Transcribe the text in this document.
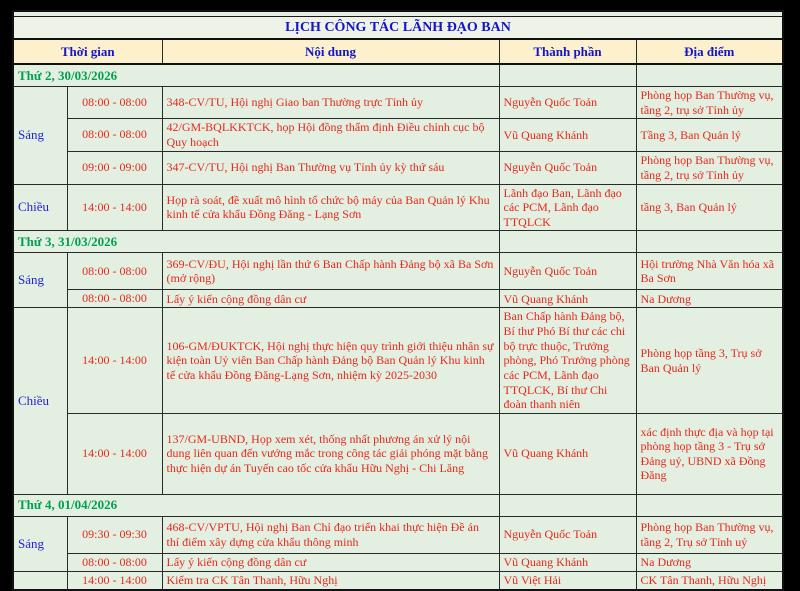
LỊCH CÔNG TÁC LÃNH ĐẠO BAN				
Thời gian		Nội dung	Thành phần	Địa điểm
Thứ 2, 30/03/2026				
Sáng	08:00 - 08:00	348-CV/TU, Hội nghị Giao ban Thường trực Tỉnh ủy	Nguyễn Quốc Toản	Phòng họp Ban Thường vụ, tầng 2, trụ sở Tỉnh ủy
	08:00 - 08:00	42/GM-BQLKKTCK, họp Hội đồng thẩm định Điều chỉnh cục bộ Quy hoạch	Vũ Quang Khánh	Tầng 3, Ban Quản lý
	09:00 - 09:00	347-CV/TU, Hội nghị Ban Thường vụ Tỉnh ủy kỳ thứ sáu	Nguyễn Quốc Toản	Phòng họp Ban Thường vụ, tầng 2, trụ sở Tỉnh ủy
Chiều	14:00 - 14:00	Họp rà soát, đề xuất mô hình tổ chức bộ máy của Ban Quản lý Khu kinh tế cửa khẩu Đồng Đăng - Lạng Sơn	Lãnh đạo Ban, Lãnh đạo các PCM, Lãnh đạo TTQLCK	tầng 3, Ban Quản lý
Thứ 3, 31/03/2026				
Sáng	08:00 - 08:00	369-CV/ĐU, Hội nghị lần thứ 6 Ban Chấp hành Đảng bộ xã Ba Sơn (mở rộng)	Nguyễn Quốc Toản	Hội trường Nhà Văn hóa xã Ba Sơn
	08:00 - 08:00	Lấy ý kiến cộng đồng dân cư	Vũ Quang Khánh	Na Dương
Chiều	14:00 - 14:00	106-GM/ĐUKTCK, Hội nghị thực hiện quy trình giới thiệu nhân sự kiện toàn Uỷ viên Ban Chấp hành Đảng bộ Ban Quản lý Khu kinh tế cửa khẩu Đồng Đăng-Lạng Sơn, nhiệm kỳ 2025-2030	Ban Chấp hành Đảng bộ, Bí thư Phó Bí thư các chi bộ trực thuộc, Trưởng phòng, Phó Trưởng phòng các PCM, Lãnh đạo TTQLCK, Bí thư Chi đoàn thanh niên	Phòng họp tầng 3, Trụ sở Ban Quản lý
	14:00 - 14:00	137/GM-UBND, Họp xem xét, thống nhất phương án xử lý nội dung liên quan đến vướng mắc trong công tác giải phóng mặt bằng thực hiện dự án Tuyến cao tốc cửa khẩu Hữu Nghị - Chi Lăng	Vũ Quang Khánh	xác định thực địa và họp tại phòng họp tầng 3 - Trụ sở Đảng uỷ, UBND xã Đồng Đăng
Thứ 4, 01/04/2026				
Sáng	09:30 - 09:30	468-CV/VPTU, Hội nghị Ban Chỉ đạo triển khai thực hiện Đề án thí điểm xây dựng cửa khẩu thông minh	Nguyễn Quốc Toản	Phòng họp Ban Thường vụ, tầng 2, Trụ sở Tỉnh uỷ
	08:00 - 08:00	Lấy ý kiến cộng đồng dân cư	Vũ Quang Khánh	Na Dương
	14:00 - 14:00	Kiểm tra CK Tân Thanh, Hữu Nghị	Vũ Việt Hải	CK Tân Thanh, Hữu Nghị
